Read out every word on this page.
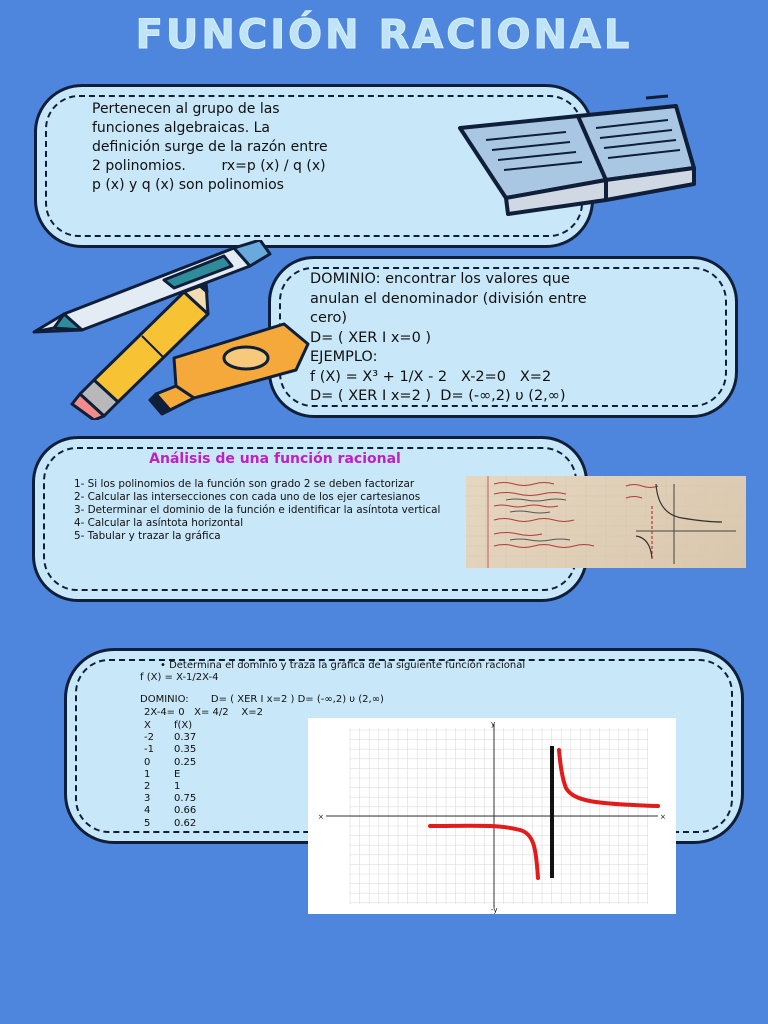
FUNCIÓN RACIONAL
Pertenecen al grupo de las
funciones algebraicas. La
definición surge de la razón entre
2 polinomios.        rx=p (x) / q (x)
p (x) y q (x) son polinomios
DOMINIO: encontrar los valores que
anulan el denominador (división entre
cero)
D= ( XER I x=0 )
EJEMPLO:
f (X) = X³ + 1/X - 2   X-2=0   X=2
D= ( XER I x=2 )  D= (-∞,2) υ (2,∞)
Análisis de una función racional
1- Si los polinomios de la función son grado 2 se deben factorizar
2- Calcular las intersecciones con cada uno de los ejer cartesianos
3- Determinar el dominio de la función e identificar la asíntota vertical
4- Calcular la asíntota horizontal
5- Tabular y trazar la gráfica
• Determina el dominio y traza la gráfica de la siguiente función racional
f (X) = X-1/2X-4
DOMINIO:       D= ( XER I x=2 ) D= (-∞,2) υ (2,∞)
2X-4= 0   X= 4/2    X=2
X	f(X)
-2	0.37
-1	0.35
0	0.25
1	E
2	1
3	0.75
4	0.66
5	0.62
×	×
y
-y
